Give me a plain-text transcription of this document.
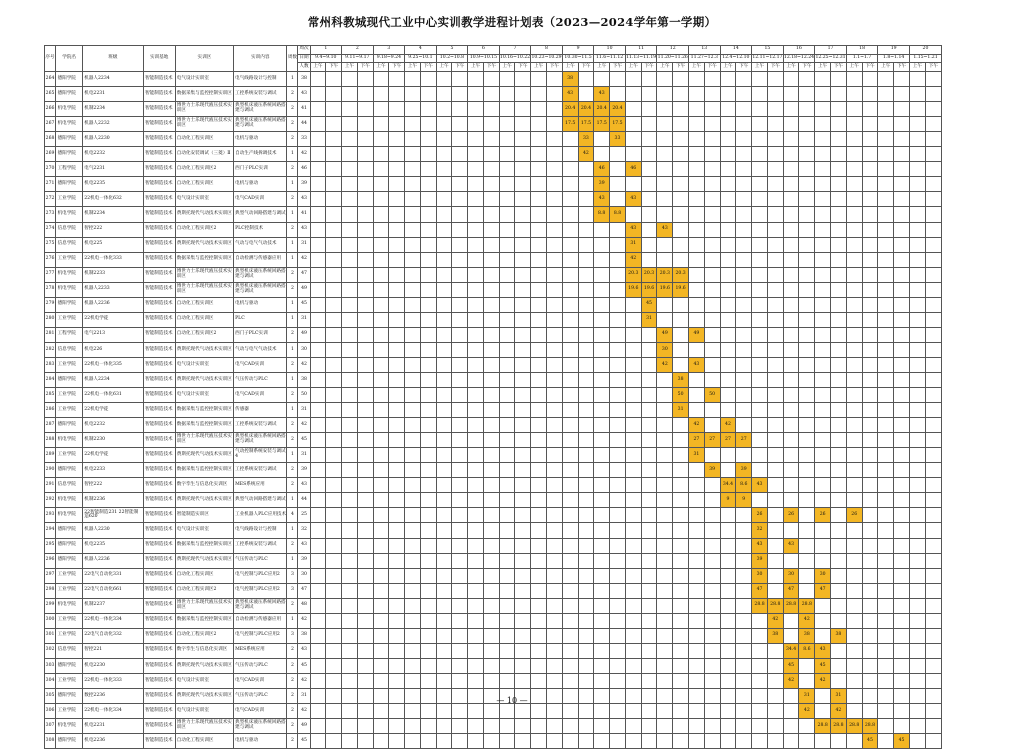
常州科教城现代工业中心实训教学进程计划表（2023—2024学年第一学期）
序号	学院名	班级	实训基地	实训区	实训内容	周数	周次	1		2		3		4		5		6		7		8		9		10		11		12		13		14		15		16		17		18		19		20	
							日期	9.4~9.10		9.11~9.17		9.18~9.24		9.25~10.1		10.2~10.8		10.9~10.15		10.16~10.22		10.23~10.29		10.30~11.5		11.6~11.12		11.13~11.19		11.20~11.26		11.27~12.3		12.4~12.10		12.11~12.17		12.18~12.24		12.25~12.31		1.1~1.7		1.8~1.14		1.15~1.21	
							人数	上午	下午	上午	下午	上午	下午	上午	下午	上午	下午	上午	下午	上午	下午	上午	下午	上午	下午	上午	下午	上午	下午	上午	下午	上午	下午	上午	下午	上午	下午	上午	下午	上午	下午	上午	下午	上午	下午	上午	下午
264	德阳学院	机器人2234	智能制造技术	电气设计实训室	电气线路设计与控制	1	38																	38																							
265	德阳学院	机电2231	智能制造技术	数据采集与监控控制实训区	工控系统安装与调试	2	43																	43		43																					
266	机电学院	机制2234	智能制造技术	博世力士乐现代液压技术实训区	典型机床液压系统回路搭建与调试	2	41																	20.4	20.4	20.4	20.4																				
267	机电学院	机器人2232	智能制造技术	博世力士乐现代液压技术实训区	典型机床液压系统回路搭建与调试	2	44																	17.5	17.5	17.5	17.5																				
268	德阳学院	机器人2230	智能制造技术	自动化工程实训区	电机与驱动	2	33																		33		33																				
269	德阳学院	机电2232	智能制造技术	自动化安装调试（三菱）Ⅱ	自动生产线拆调技术	1	42																		42																						
270	工程学院	电气2231	智能制造技术	自动化工程实训区2	西门子PLC实训	2	46																			46		46																			
271	德阳学院	机电2235	智能制造技术	自动化工程实训区	电机与驱动	1	39																			39																					
272	工业学院	22机电一体化632	智能制造技术	电气设计实训室	电气CAD实训	2	43																			43		43																			
273	机电学院	机制2234	智能制造技术	费斯托现代气动技术实训区	典型气动回路搭建与调试	1	41																			8.8	8.8																				
274	信息学院	智控222	智能制造技术	自动化工程实训区2	PLC控制技术	2	43																					43		43																	
275	信息学院	机电225	智能制造技术	费斯托现代气动技术实训区	气动与电气气动技术	1	31																					31																			
276	工业学院	22机电一体化333	智能制造技术	数据采集与监控控制实训区	自动检测与传感器应用	1	42																					42																			
277	机电学院	机制2233	智能制造技术	博世力士乐现代液压技术实训区	典型机床液压系统回路搭建与调试	2	47																					20.3	20.3	20.3	20.3																
278	机电学院	机器人2233	智能制造技术	博世力士乐现代液压技术实训区	典型机床液压系统回路搭建与调试	2	49																					19.6	19.6	19.6	19.6																
279	德阳学院	机器人2236	智能制造技术	自动化工程实训区	电机与驱动	1	45																						45																		
280	工业学院	22机电学徒	智能制造技术	自动化工程实训区	PLC	1	31																						31																		
281	工程学院	电气2213	智能制造技术	自动化工程实训区2	西门子PLC实训	2	49																							49		49															
282	信息学院	机电226	智能制造技术	费斯托现代气动技术实训区	气动与电气气动技术	1	30																							30																	
283	工业学院	22机电一体化335	智能制造技术	电气设计实训室	电气CAD实训	2	42																							42		43															
284	德阳学院	机器人2234	智能制造技术	费斯托现代气动技术实训区	气压传动与PLC	1	38																								38																
285	工业学院	22机电一体化631	智能制造技术	电气设计实训室	电气CAD实训	2	50																								50		50														
286	工业学院	22机电学徒	智能制造技术	数据采集与监控控制实训区	传感器	1	31																								31																
287	德阳学院	机电2232	智能制造技术	数据采集与监控控制实训区	工控系统安装与调试	2	42																									42		42													
288	机电学院	机制2230	智能制造技术	博世力士乐现代液压技术实训区	典型机床液压系统回路搭建与调试	2	45																									27	27	27	27												
289	工业学院	22机电学徒	智能制造技术	费斯托现代气动技术实训区	气动控制系统安装与调试4	1	31																									31															
290	德阳学院	机电2233	智能制造技术	数据采集与监控控制实训区	工控系统安装与调试	2	39																										39		39												
291	信息学院	智控222	智能制造技术	数字孪生与信息化实训区	MES系统应用	2	43																											34.4	8.6	43											
292	机电学院	机制2236	智能制造技术	费斯托现代气动技术实训区	典型气动回路搭建与调试	1	44																											9	9												
293	机电学院	22智能制造231 22智能制造620	智能制造技术	智能制造实训区	工业机器人PLC应用技术	4	25																													26		26		26		26					
294	德阳学院	机器人2230	智能制造技术	电气设计实训室	电气线路设计与控制	1	32																													32											
295	德阳学院	机电2235	智能制造技术	数据采集与监控控制实训区	工控系统安装与调试	2	43																													43		43									
296	德阳学院	机器人2236	智能制造技术	费斯托现代气动技术实训区	气压传动与PLC	1	39																													39											
297	工业学院	22电气自动化331	智能制造技术	自动化工程实训区	电气控制与PLC应用2	3	30																													30		30		30							
298	工业学院	22电气自动化661	智能制造技术	自动化工程实训区2	电气控制与PLC应用2	3	47																													47		47		47							
299	机电学院	机制2237	智能制造技术	博世力士乐现代液压技术实训区	典型机床液压系统回路搭建与调试	2	48																													28.8	28.8	28.8	28.8								
300	工业学院	22机电一体化334	智能制造技术	数据采集与监控控制实训区	自动检测与传感器应用	1	42																														42		42								
301	工业学院	22电气自动化332	智能制造技术	自动化工程实训区2	电气控制与PLC应用2	3	38																														38		38		38						
302	信息学院	智控221	智能制造技术	数字孪生与信息化实训区	MES系统应用	2	43																															34.4	8.6	43							
303	德阳学院	机电2230	智能制造技术	费斯托现代气动技术实训区	气压传动与PLC	2	45																															45		45							
304	工业学院	22机电一体化333	智能制造技术	电气设计实训室	电气CAD实训	2	42																															42		42							
305	德阳学院	数控2236	智能制造技术	费斯托现代气动技术实训区	气压传动与PLC	2	31																																31		31						
306	工业学院	22机电一体化334	智能制造技术	电气设计实训室	电气CAD实训	2	42																																42		42						
307	机电学院	机电2231	智能制造技术	博世力士乐现代液压技术实训区	典型机床液压系统回路搭建与调试	2	49																																	28.8	28.8	28.8	28.8				
308	德阳学院	机电2236	智能制造技术	自动化工程实训区	电机与驱动	2	45																																				45		45		
— 10 —
